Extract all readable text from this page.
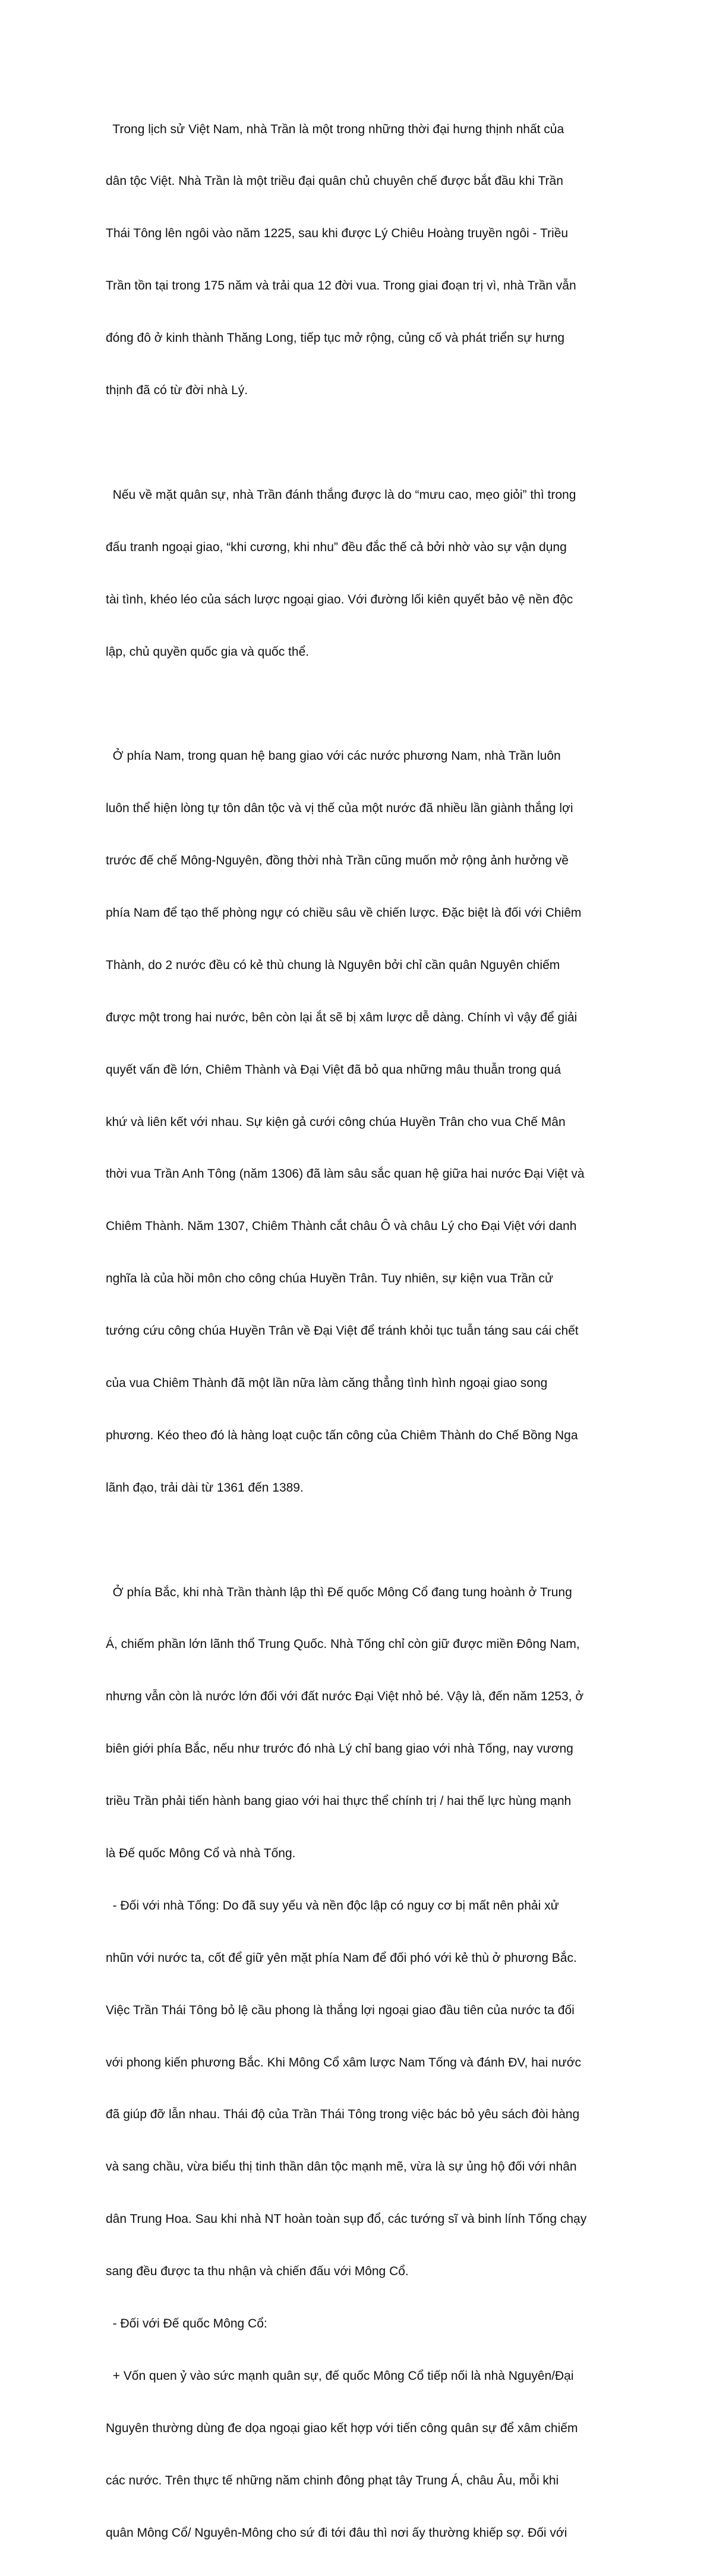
Trong lịch sử Việt Nam, nhà Trần là một trong những thời đại hưng thịnh nhất của

dân tộc Việt. Nhà Trần là một triều đại quân chủ chuyên chế được bắt đầu khi Trần

Thái Tông lên ngôi vào năm 1225, sau khi được Lý Chiêu Hoàng truyền ngôi - Triều

Trần tồn tại trong 175 năm và trải qua 12 đời vua. Trong giai đoạn trị vì, nhà Trần vẫn

đóng đô ở kinh thành Thăng Long, tiếp tục mở rộng, củng cố và phát triển sự hưng

thịnh đã có từ đời nhà Lý.

Nếu về mặt quân sự, nhà Trần đánh thắng được là do “mưu cao, mẹo giỏi” thì trong

đấu tranh ngoại giao, “khi cương, khi nhu” đều đắc thế cả bởi nhờ vào sự vận dụng

tài tình, khéo léo của sách lược ngoại giao. Với đường lối kiên quyết bảo vệ nền độc

lập, chủ quyền quốc gia và quốc thể.

Ở phía Nam, trong quan hệ bang giao với các nước phương Nam, nhà Trần luôn

luôn thể hiện lòng tự tôn dân tộc và vị thế của một nước đã nhiều lần giành thắng lợi

trước đế chế Mông-Nguyên, đồng thời nhà Trần cũng muốn mở rộng ảnh hưởng về

phía Nam để tạo thế phòng ngự có chiều sâu về chiến lược. Đặc biệt là đối với Chiêm

Thành, do 2 nước đều có kẻ thù chung là Nguyên bởi chỉ cần quân Nguyên chiếm

được một trong hai nước, bên còn lại ắt sẽ bị xâm lược dễ dàng. Chính vì vậy để giải

quyết vấn đề lớn, Chiêm Thành và Đại Việt đã bỏ qua những mâu thuẫn trong quá

khứ và liên kết với nhau. Sự kiện gả cưới công chúa Huyền Trân cho vua Chế Mân

thời vua Trần Anh Tông (năm 1306) đã làm sâu sắc quan hệ giữa hai nước Đại Việt và

Chiêm Thành. Năm 1307, Chiêm Thành cắt châu Ô và châu Lý cho Đại Việt với danh

nghĩa là của hồi môn cho công chúa Huyền Trân. Tuy nhiên, sự kiện vua Trần cử

tướng cứu công chúa Huyền Trân về Đại Việt để tránh khỏi tục tuẫn táng sau cái chết

của vua Chiêm Thành đã một lần nữa làm căng thẳng tình hình ngoại giao song

phương. Kéo theo đó là hàng loạt cuộc tấn công của Chiêm Thành do Chế Bồng Nga

lãnh đạo, trải dài từ 1361 đến 1389.

Ở phía Bắc, khi nhà Trần thành lập thì Đế quốc Mông Cổ đang tung hoành ở Trung

Á, chiếm phần lớn lãnh thổ Trung Quốc. Nhà Tống chỉ còn giữ được miền Đông Nam,

nhưng vẫn còn là nước lớn đối với đất nước Đại Việt nhỏ bé. Vậy là, đến năm 1253, ở

biên giới phía Bắc, nếu như trước đó nhà Lý chỉ bang giao với nhà Tống, nay vương

triều Trần phải tiến hành bang giao với hai thực thể chính trị / hai thế lực hùng mạnh

là Đế quốc Mông Cổ và nhà Tống.

- Đối với nhà Tống: Do đã suy yếu và nền độc lập có nguy cơ bị mất nên phải xử

nhũn với nước ta, cốt để giữ yên mặt phía Nam để đối phó với kẻ thù ở phương Bắc.

Việc Trần Thái Tông bỏ lệ cầu phong là thắng lợi ngoại giao đầu tiên của nước ta đối

với phong kiến phương Bắc. Khi Mông Cổ xâm lược Nam Tống và đánh ĐV, hai nước

đã giúp đỡ lẫn nhau. Thái độ của Trần Thái Tông trong việc bác bỏ yêu sách đòi hàng

và sang chầu, vừa biểu thị tinh thần dân tộc mạnh mẽ, vừa là sự ủng hộ đối với nhân

dân Trung Hoa. Sau khi nhà NT hoàn toàn sụp đổ, các tướng sĩ và binh lính Tống chạy

sang đều được ta thu nhận và chiến đấu với Mông Cổ.

- Đối với Đế quốc Mông Cổ:

+ Vốn quen ỷ vào sức mạnh quân sự, đế quốc Mông Cổ tiếp nối là nhà Nguyên/Đại

Nguyên thường dùng đe dọa ngoại giao kết hợp với tiến công quân sự để xâm chiếm

các nước. Trên thực tế những năm chinh đông phạt tây Trung Á, châu Âu, mỗi khi

quân Mông Cổ/ Nguyên-Mông cho sứ đi tới đâu thì nơi ấy thường khiếp sợ. Đối với
